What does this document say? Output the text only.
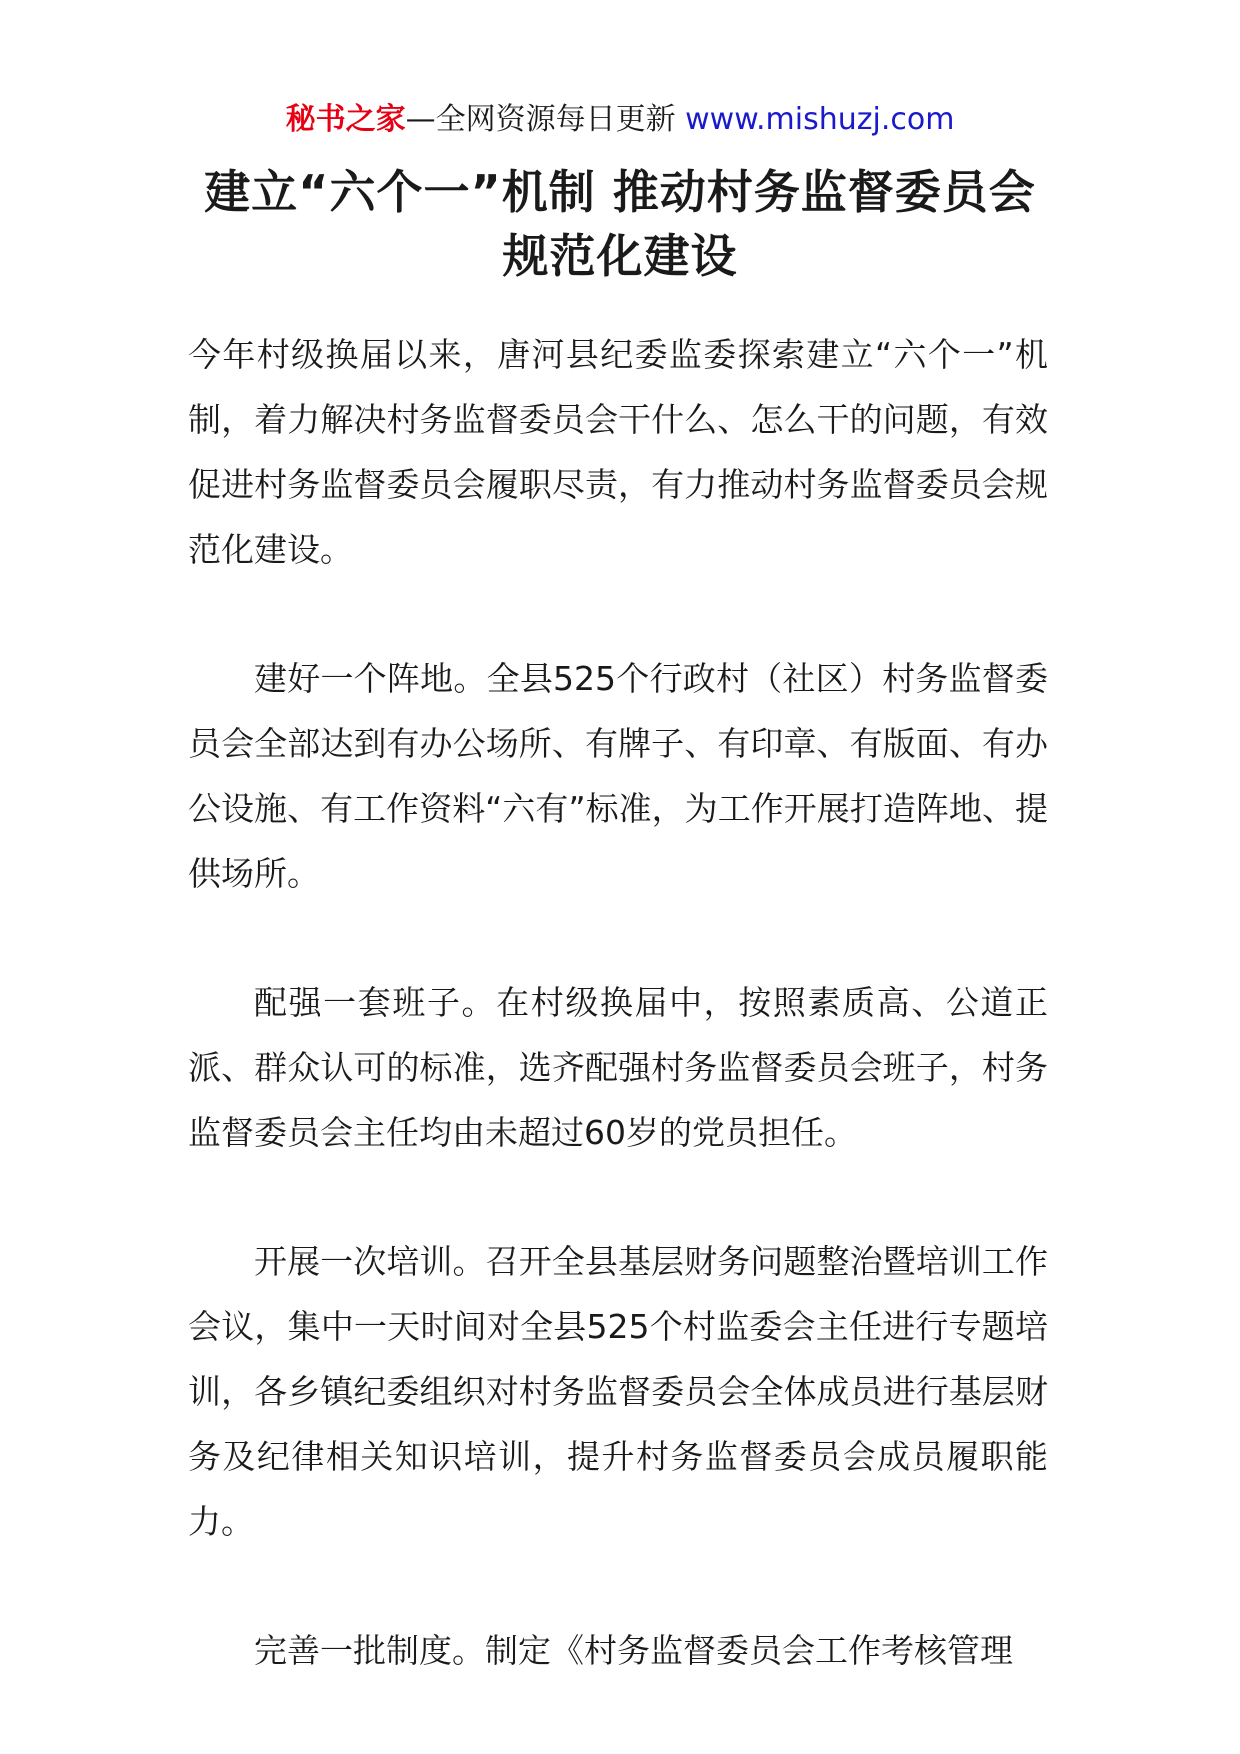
秘书之家—全网资源每日更新 www.mishuzj.com
建立“六个一”机制 推动村务监督委员会
规范化建设

今年村级换届以来，唐河县纪委监委探索建立“六个一”机制，着力解决村务监督委员会干什么、怎么干的问题，有效促进村务监督委员会履职尽责，有力推动村务监督委员会规范化建设。

建好一个阵地。全县525个行政村（社区）村务监督委员会全部达到有办公场所、有牌子、有印章、有版面、有办公设施、有工作资料“六有”标准，为工作开展打造阵地、提供场所。

配强一套班子。在村级换届中，按照素质高、公道正派、群众认可的标准，选齐配强村务监督委员会班子，村务监督委员会主任均由未超过60岁的党员担任。

开展一次培训。召开全县基层财务问题整治暨培训工作会议，集中一天时间对全县525个村监委会主任进行专题培训，各乡镇纪委组织对村务监督委员会全体成员进行基层财务及纪律相关知识培训，提升村务监督委员会成员履职能力。

完善一批制度。制定《村务监督委员会工作考核管理
